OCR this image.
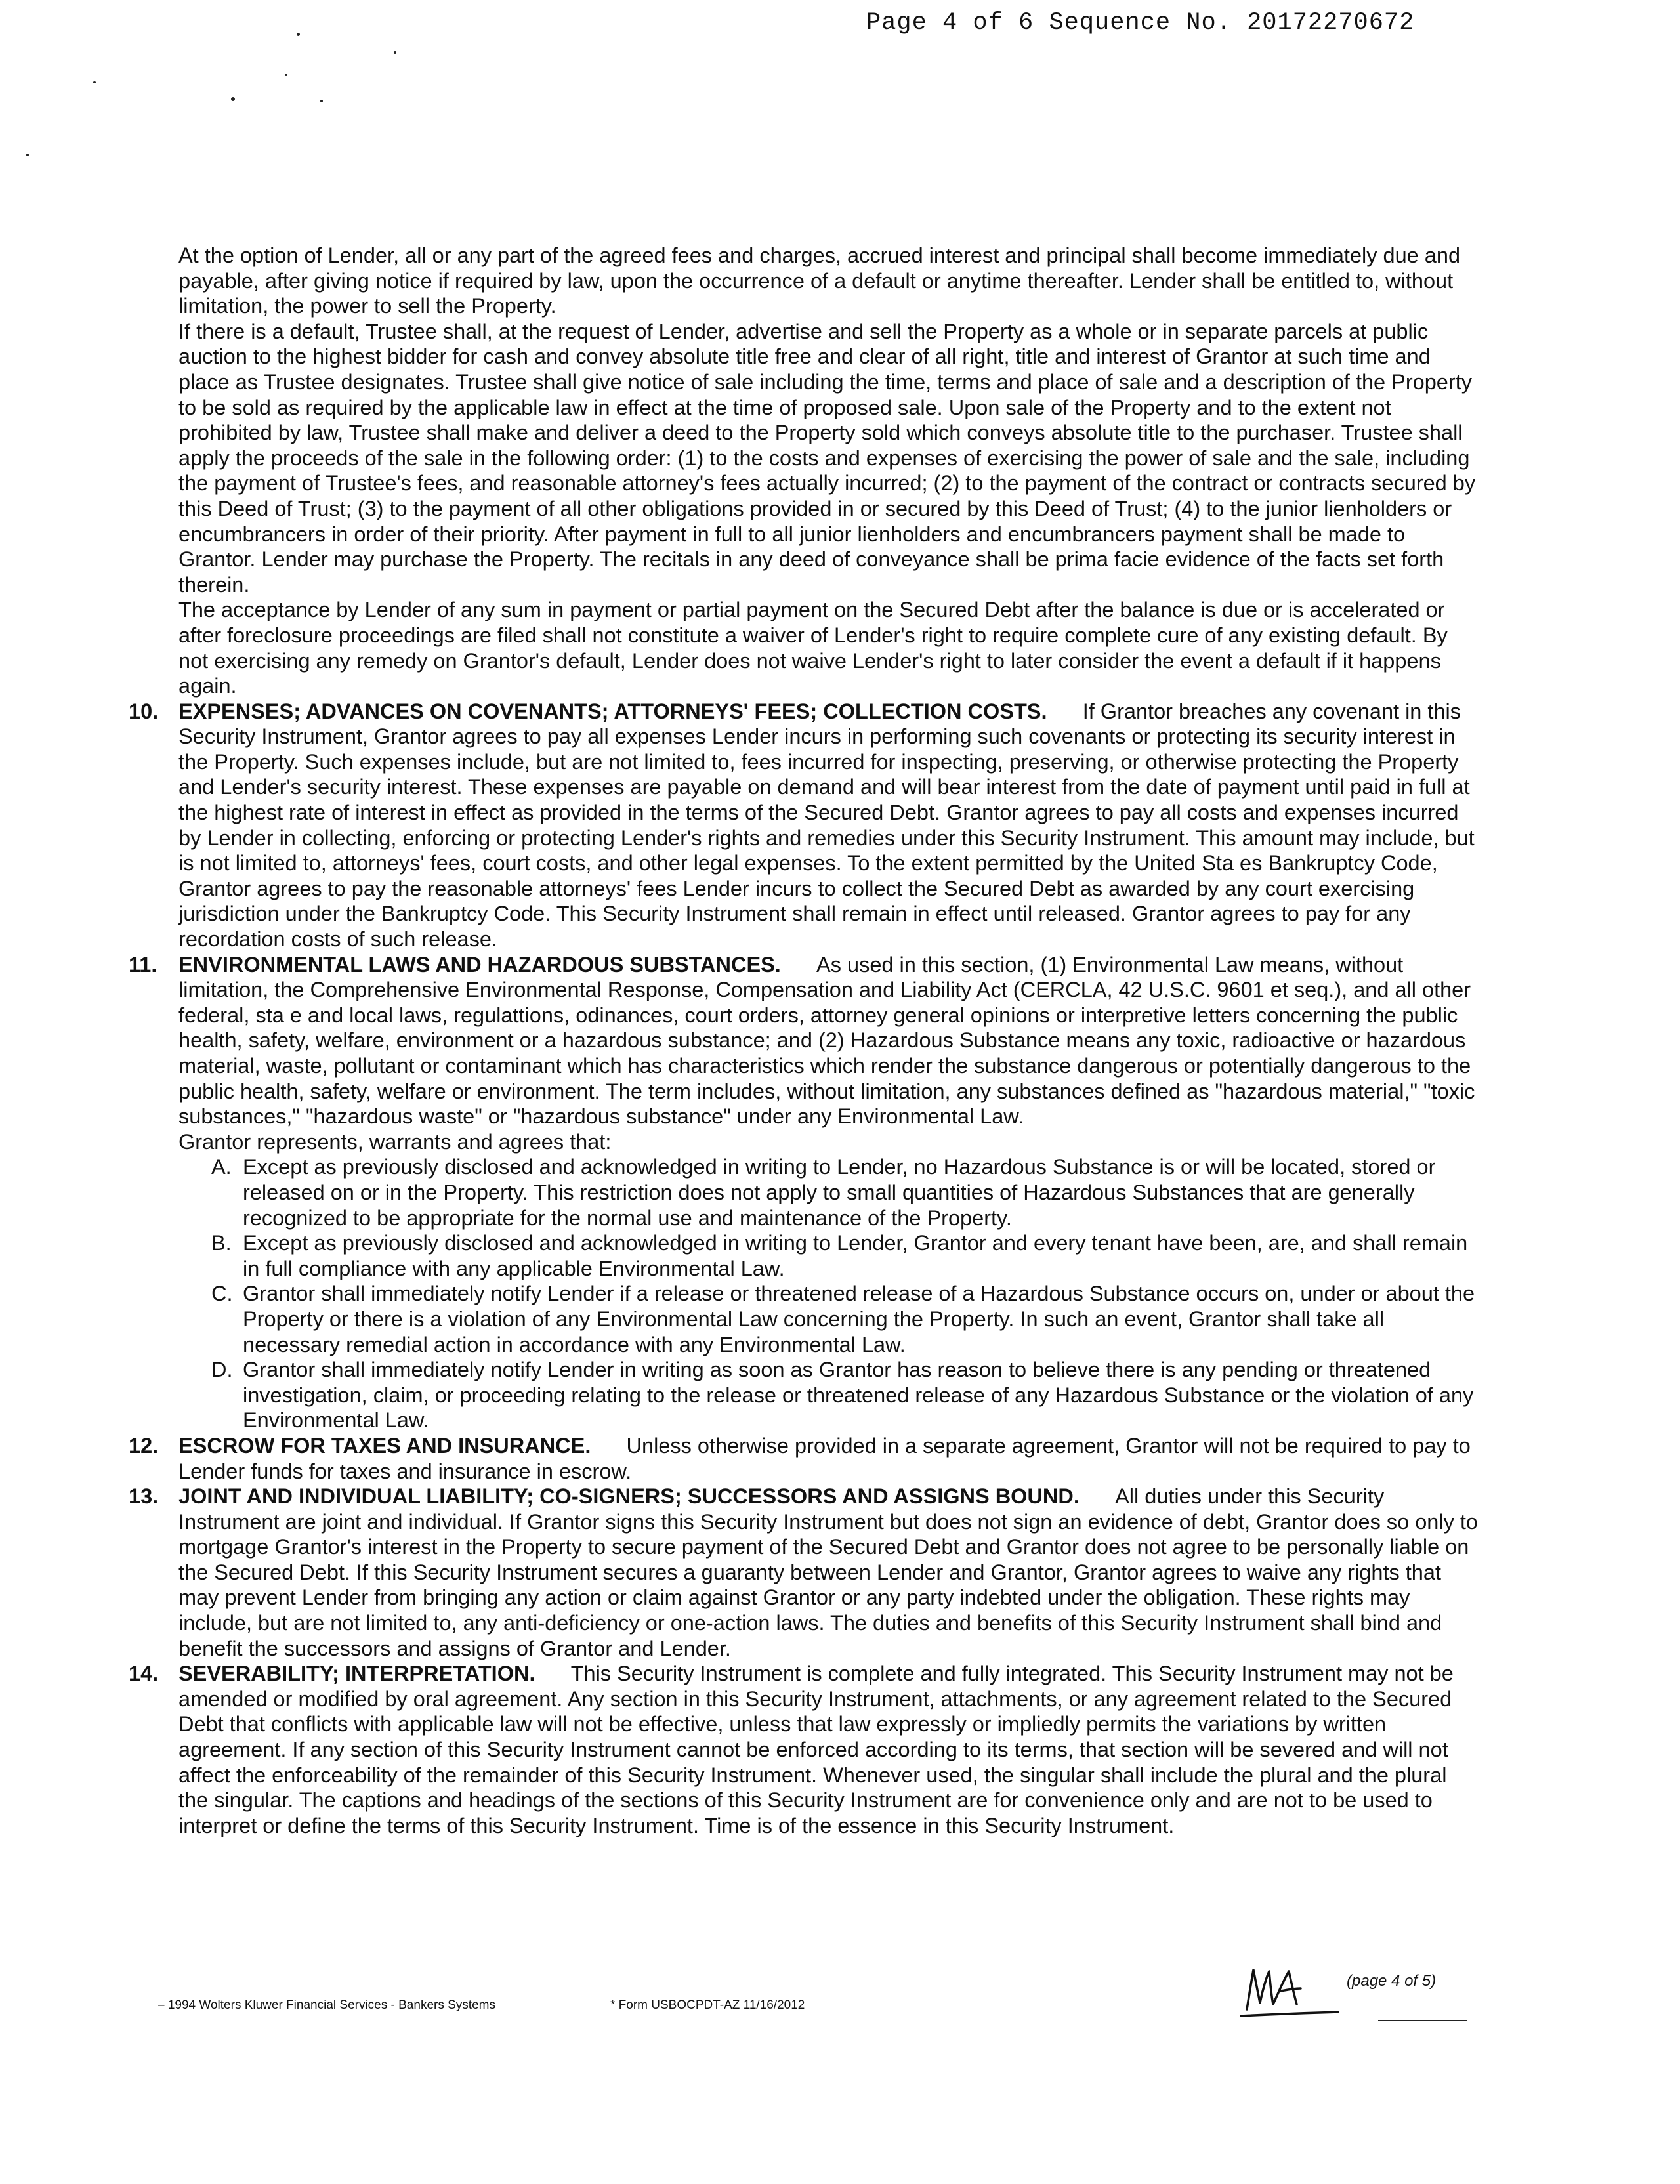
Page 4 of 6 Sequence No. 20172270672
At the option of Lender, all or any part of the agreed fees and charges, accrued interest and principal shall become immediately due and payable, after giving notice if required by law, upon the occurrence of a default or anytime thereafter. Lender shall be entitled to, without limitation, the power to sell the Property.
If there is a default, Trustee shall, at the request of Lender, advertise and sell the Property as a whole or in separate parcels at public auction to the highest bidder for cash and convey absolute title free and clear of all right, title and interest of Grantor at such time and place as Trustee designates. Trustee shall give notice of sale including the time, terms and place of sale and a description of the Property to be sold as required by the applicable law in effect at the time of proposed sale. Upon sale of the Property and to the extent not prohibited by law, Trustee shall make and deliver a deed to the Property sold which conveys absolute title to the purchaser. Trustee shall apply the proceeds of the sale in the following order: (1) to the costs and expenses of exercising the power of sale and the sale, including the payment of Trustee's fees, and reasonable attorney's fees actually incurred; (2) to the payment of the contract or contracts secured by this Deed of Trust; (3) to the payment of all other obligations provided in or secured by this Deed of Trust; (4) to the junior lienholders or encumbrancers in order of their priority. After payment in full to all junior lienholders and encumbrancers payment shall be made to Grantor. Lender may purchase the Property. The recitals in any deed of conveyance shall be prima facie evidence of the facts set forth therein.
The acceptance by Lender of any sum in payment or partial payment on the Secured Debt after the balance is due or is accelerated or after foreclosure proceedings are filed shall not constitute a waiver of Lender's right to require complete cure of any existing default. By not exercising any remedy on Grantor's default, Lender does not waive Lender's right to later consider the event a default if it happens again.
10. EXPENSES; ADVANCES ON COVENANTS; ATTORNEYS' FEES; COLLECTION COSTS. If Grantor breaches any covenant in this Security Instrument, Grantor agrees to pay all expenses Lender incurs in performing such covenants or protecting its security interest in the Property. Such expenses include, but are not limited to, fees incurred for inspecting, preserving, or otherwise protecting the Property and Lender's security interest. These expenses are payable on demand and will bear interest from the date of payment until paid in full at the highest rate of interest in effect as provided in the terms of the Secured Debt. Grantor agrees to pay all costs and expenses incurred by Lender in collecting, enforcing or protecting Lender's rights and remedies under this Security Instrument. This amount may include, but is not limited to, attorneys' fees, court costs, and other legal expenses. To the extent permitted by the United Sta es Bankruptcy Code, Grantor agrees to pay the reasonable attorneys' fees Lender incurs to collect the Secured Debt as awarded by any court exercising jurisdiction under the Bankruptcy Code. This Security Instrument shall remain in effect until released. Grantor agrees to pay for any recordation costs of such release.
11. ENVIRONMENTAL LAWS AND HAZARDOUS SUBSTANCES. As used in this section, (1) Environmental Law means, without limitation, the Comprehensive Environmental Response, Compensation and Liability Act (CERCLA, 42 U.S.C. 9601 et seq.), and all other federal, sta e and local laws, regulattions, odinances, court orders, attorney general opinions or interpretive letters concerning the public health, safety, welfare, environment or a hazardous substance; and (2) Hazardous Substance means any toxic, radioactive or hazardous material, waste, pollutant or contaminant which has characteristics which render the substance dangerous or potentially dangerous to the public health, safety, welfare or environment. The term includes, without limitation, any substances defined as "hazardous material," "toxic substances," "hazardous waste" or "hazardous substance" under any Environmental Law.
Grantor represents, warrants and agrees that:
A. Except as previously disclosed and acknowledged in writing to Lender, no Hazardous Substance is or will be located, stored or released on or in the Property. This restriction does not apply to small quantities of Hazardous Substances that are generally recognized to be appropriate for the normal use and maintenance of the Property.
B. Except as previously disclosed and acknowledged in writing to Lender, Grantor and every tenant have been, are, and shall remain in full compliance with any applicable Environmental Law.
C. Grantor shall immediately notify Lender if a release or threatened release of a Hazardous Substance occurs on, under or about the Property or there is a violation of any Environmental Law concerning the Property. In such an event, Grantor shall take all necessary remedial action in accordance with any Environmental Law.
D. Grantor shall immediately notify Lender in writing as soon as Grantor has reason to believe there is any pending or threatened investigation, claim, or proceeding relating to the release or threatened release of any Hazardous Substance or the violation of any Environmental Law.
12. ESCROW FOR TAXES AND INSURANCE. Unless otherwise provided in a separate agreement, Grantor will not be required to pay to Lender funds for taxes and insurance in escrow.
13. JOINT AND INDIVIDUAL LIABILITY; CO-SIGNERS; SUCCESSORS AND ASSIGNS BOUND. All duties under this Security Instrument are joint and individual. If Grantor signs this Security Instrument but does not sign an evidence of debt, Grantor does so only to mortgage Grantor's interest in the Property to secure payment of the Secured Debt and Grantor does not agree to be personally liable on the Secured Debt. If this Security Instrument secures a guaranty between Lender and Grantor, Grantor agrees to waive any rights that may prevent Lender from bringing any action or claim against Grantor or any party indebted under the obligation. These rights may include, but are not limited to, any anti-deficiency or one-action laws. The duties and benefits of this Security Instrument shall bind and benefit the successors and assigns of Grantor and Lender.
14. SEVERABILITY; INTERPRETATION. This Security Instrument is complete and fully integrated. This Security Instrument may not be amended or modified by oral agreement. Any section in this Security Instrument, attachments, or any agreement related to the Secured Debt that conflicts with applicable law will not be effective, unless that law expressly or impliedly permits the variations by written agreement. If any section of this Security Instrument cannot be enforced according to its terms, that section will be severed and will not affect the enforceability of the remainder of this Security Instrument. Whenever used, the singular shall include the plural and the plural the singular. The captions and headings of the sections of this Security Instrument are for convenience only and are not to be used to interpret or define the terms of this Security Instrument. Time is of the essence in this Security Instrument.
– 1994 Wolters Kluwer Financial Services - Bankers Systems	* Form USBOCPDT-AZ 11/16/2012
(page 4 of 5)
